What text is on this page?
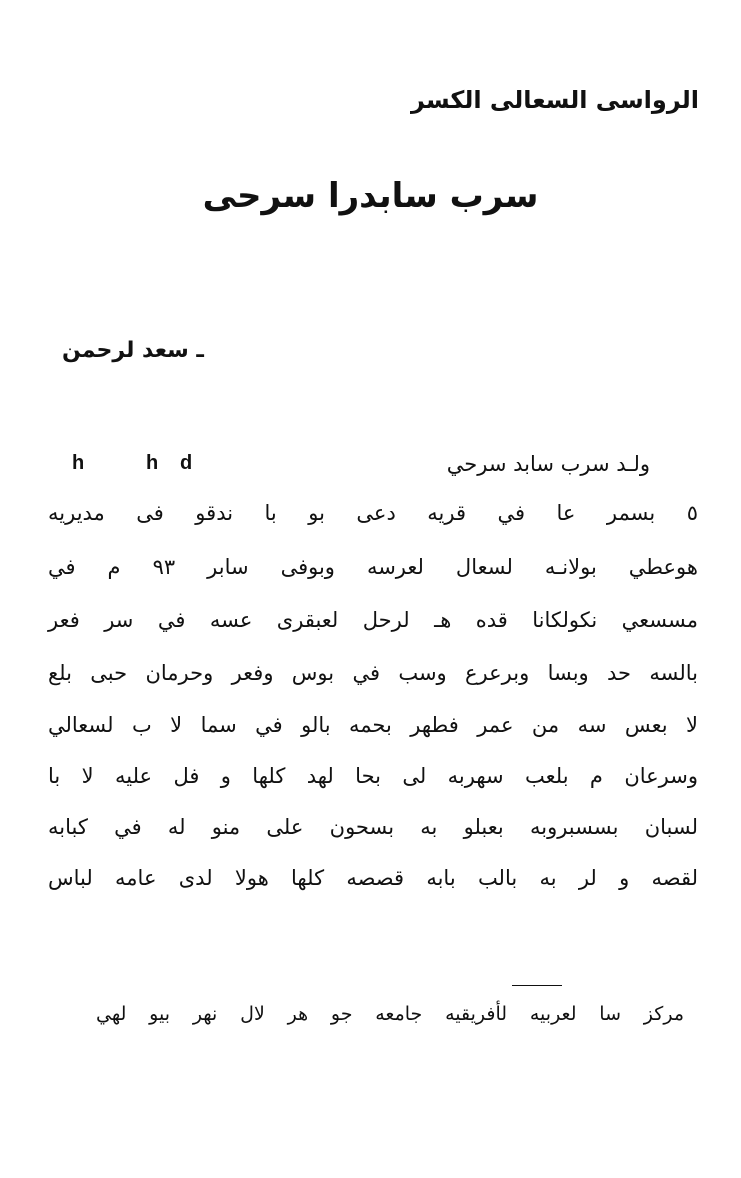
الرواسى السعالى الكسر
سرب سابدرا سرحى
ـ سعد لرحمن
ولـد سرب سابد سرحي
h	h d
٥ بسمر عا في قريه دعى بو با ندقو فى مديريه
هوعطي بولانـه لسعال لعرسه وبوفى سابر ٩٣ م في
مسسعي نكولكانا قده هـ لرحل لعبقرى عسه في سر فعر
بالسه حد وبسا وبرعرع وسب في بوس وفعر وحرمان حبى بلع
لا بعس سه من عمر فطهر بحمه بالو في سما لا ب لسعالي
وسرعان م بلعب سهربه لى بحا لهد كلها و فل عليه لا با
لسبان بسسبروبه بعبلو به بسحون على منو له في كبابه
لقصه و لر به بالب بابه قصصه كلها هولا لدى عامه لباس
مركز سا لعربيه لأفريقيه جامعه جو هر لال نهر بيو لهي
